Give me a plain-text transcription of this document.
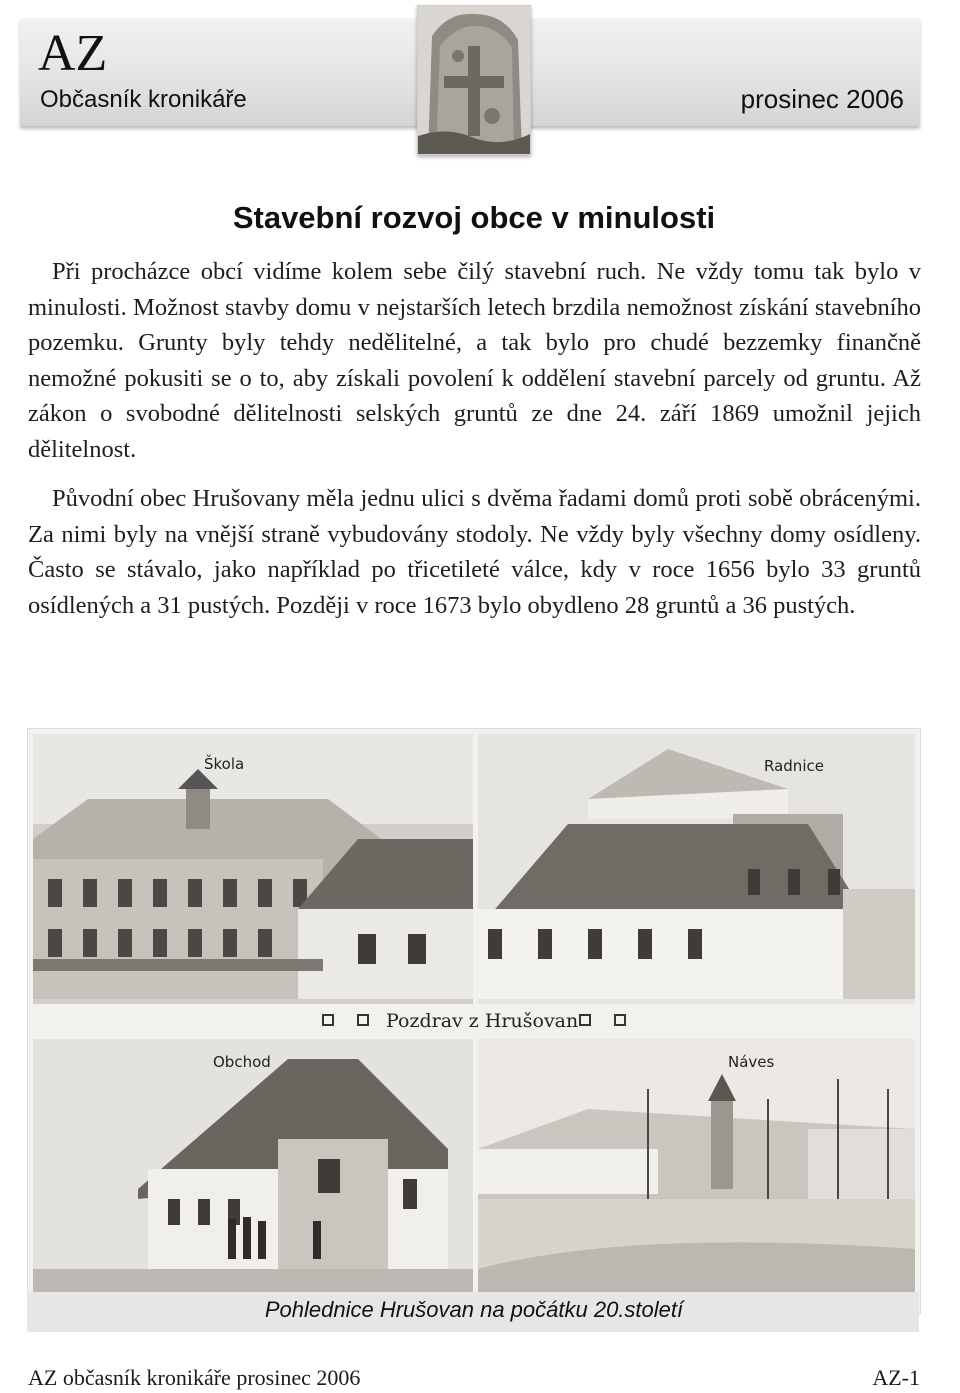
AZ
Občasník kronikáře	prosinec 2006
Stavební rozvoj obce v minulosti

Při procházce obcí vidíme kolem sebe čilý stavební ruch. Ne vždy tomu tak bylo v minulosti. Možnost stavby domu v nejstarších letech brzdila nemožnost získání stavebního pozemku. Grunty byly tehdy nedělitelné, a tak bylo pro chudé bezzemky finančně nemožné pokusiti se o to, aby získali povolení k oddělení stavební parcely od gruntu. Až zákon o svobodné dělitelnosti selských gruntů ze dne 24. září 1869 umožnil jejich dělitelnost.

Původní obec Hrušovany měla jednu ulici s dvěma řadami domů proti sobě obrácenými. Za nimi byly na vnější straně vybudovány stodoly. Ne vždy byly všechny domy osídleny. Často se stávalo, jako například po třicetileté válce, kdy v roce 1656 bylo 33 gruntů osídlených a 31 pustých. Později v roce 1673 bylo obydleno 28 gruntů a 36 pustých.

Škola	Radnice
Pozdrav z Hrušovan
Obchod	Náves
Pohlednice Hrušovan na počátku 20.století
AZ občasník kronikáře prosinec 2006	AZ-1
